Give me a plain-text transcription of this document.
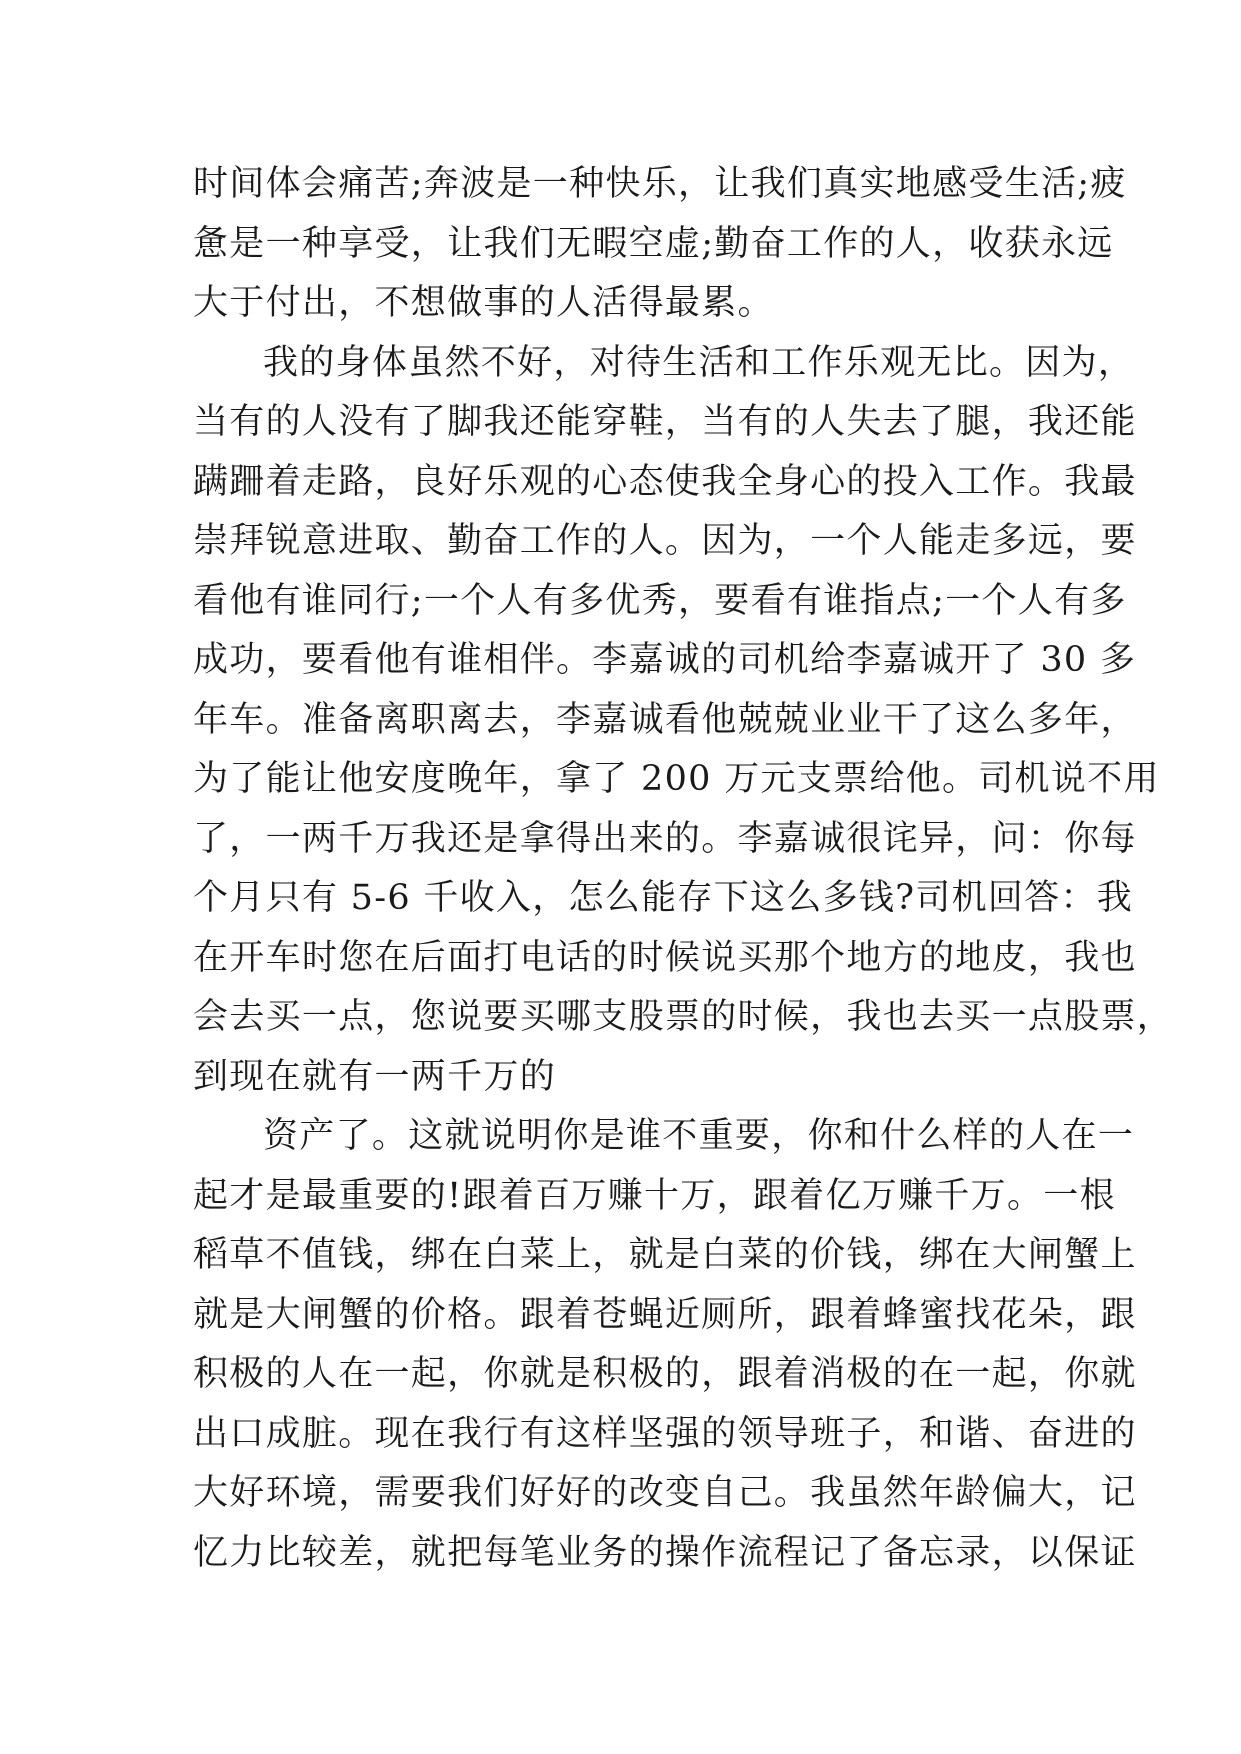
时间体会痛苦;奔波是一种快乐，让我们真实地感受生活;疲
惫是一种享受，让我们无暇空虚;勤奋工作的人，收获永远
大于付出，不想做事的人活得最累。
我的身体虽然不好，对待生活和工作乐观无比。因为，
当有的人没有了脚我还能穿鞋，当有的人失去了腿，我还能
蹒跚着走路，良好乐观的心态使我全身心的投入工作。我最
崇拜锐意进取、勤奋工作的人。因为，一个人能走多远，要
看他有谁同行;一个人有多优秀，要看有谁指点;一个人有多
成功，要看他有谁相伴。李嘉诚的司机给李嘉诚开了 30 多
年车。准备离职离去，李嘉诚看他兢兢业业干了这么多年，
为了能让他安度晚年，拿了 200 万元支票给他。司机说不用
了，一两千万我还是拿得出来的。李嘉诚很诧异，问：你每
个月只有 5-6 千收入，怎么能存下这么多钱?司机回答：我
在开车时您在后面打电话的时候说买那个地方的地皮，我也
会去买一点，您说要买哪支股票的时候，我也去买一点股票，
到现在就有一两千万的
资产了。这就说明你是谁不重要，你和什么样的人在一
起才是最重要的!跟着百万赚十万，跟着亿万赚千万。一根
稻草不值钱，绑在白菜上，就是白菜的价钱，绑在大闸蟹上
就是大闸蟹的价格。跟着苍蝇近厕所，跟着蜂蜜找花朵，跟
积极的人在一起，你就是积极的，跟着消极的在一起，你就
出口成脏。现在我行有这样坚强的领导班子，和谐、奋进的
大好环境，需要我们好好的改变自己。我虽然年龄偏大，记
忆力比较差，就把每笔业务的操作流程记了备忘录，以保证
